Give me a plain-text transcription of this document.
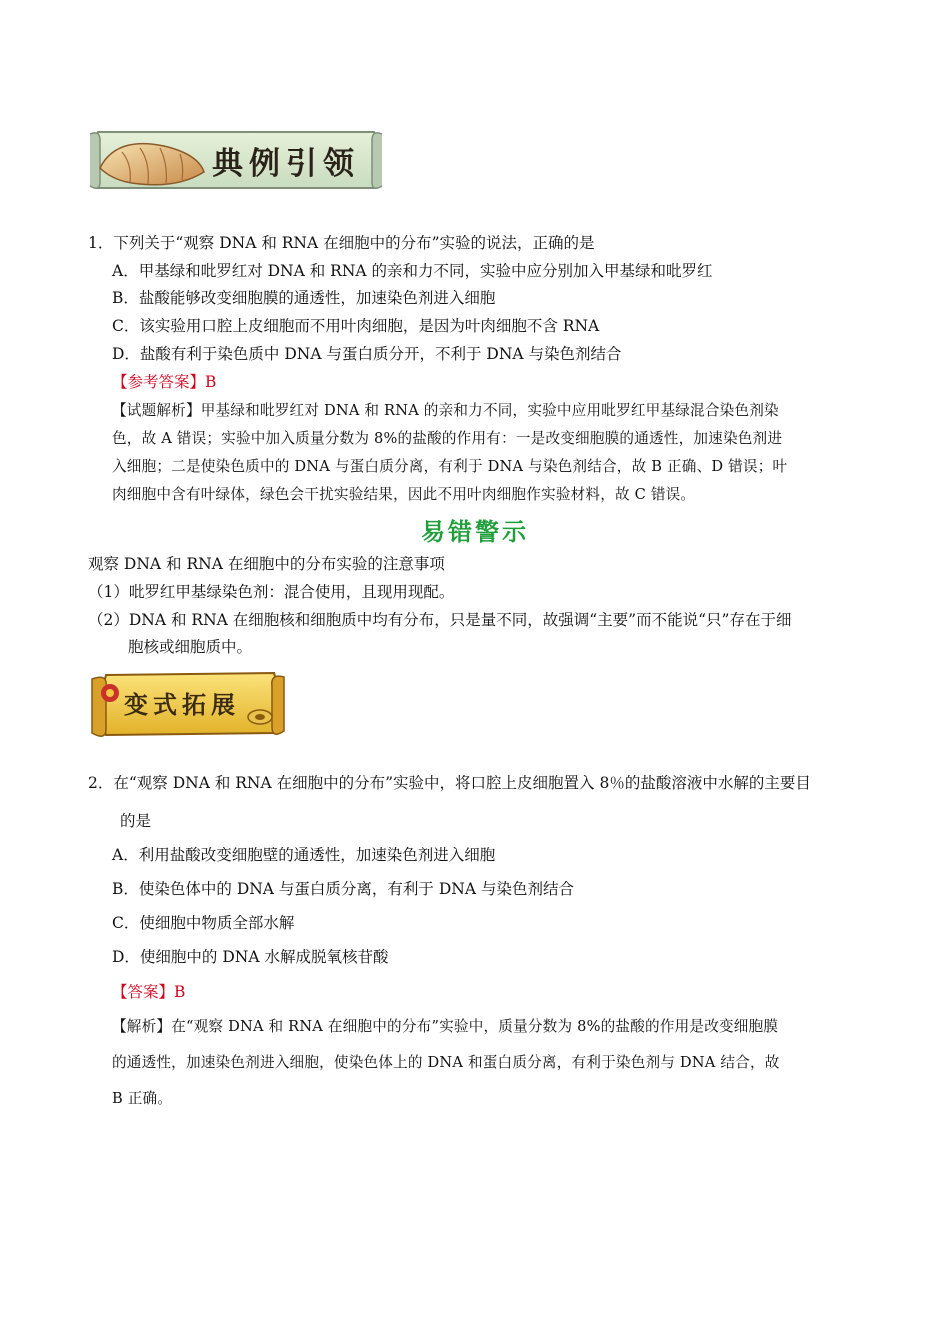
典例引领
1．下列关于“观察 DNA 和 RNA 在细胞中的分布”实验的说法，正确的是
A．甲基绿和吡罗红对 DNA 和 RNA 的亲和力不同，实验中应分别加入甲基绿和吡罗红
B．盐酸能够改变细胞膜的通透性，加速染色剂进入细胞
C．该实验用口腔上皮细胞而不用叶肉细胞，是因为叶肉细胞不含 RNA
D．盐酸有利于染色质中 DNA 与蛋白质分开，不利于 DNA 与染色剂结合
【参考答案】B
【试题解析】甲基绿和吡罗红对 DNA 和 RNA 的亲和力不同，实验中应用吡罗红甲基绿混合染色剂染
色，故 A 错误；实验中加入质量分数为 8%的盐酸的作用有：一是改变细胞膜的通透性，加速染色剂进
入细胞；二是使染色质中的 DNA 与蛋白质分离，有利于 DNA 与染色剂结合，故 B 正确、D 错误；叶
肉细胞中含有叶绿体，绿色会干扰实验结果，因此不用叶肉细胞作实验材料，故 C 错误。
易错警示
观察 DNA 和 RNA 在细胞中的分布实验的注意事项
（1）吡罗红甲基绿染色剂：混合使用，且现用现配。
（2）DNA 和 RNA 在细胞核和细胞质中均有分布，只是量不同，故强调“主要”而不能说“只”存在于细
胞核或细胞质中。
变式拓展
2．在“观察 DNA 和 RNA 在细胞中的分布”实验中，将口腔上皮细胞置入 8％的盐酸溶液中水解的主要目
的是
A．利用盐酸改变细胞壁的通透性，加速染色剂进入细胞
B．使染色体中的 DNA 与蛋白质分离，有利于 DNA 与染色剂结合
C．使细胞中物质全部水解
D．使细胞中的 DNA 水解成脱氧核苷酸
【答案】B
【解析】在“观察 DNA 和 RNA 在细胞中的分布”实验中，质量分数为 8%的盐酸的作用是改变细胞膜
的通透性，加速染色剂进入细胞，使染色体上的 DNA 和蛋白质分离，有利于染色剂与 DNA 结合，故
B 正确。
